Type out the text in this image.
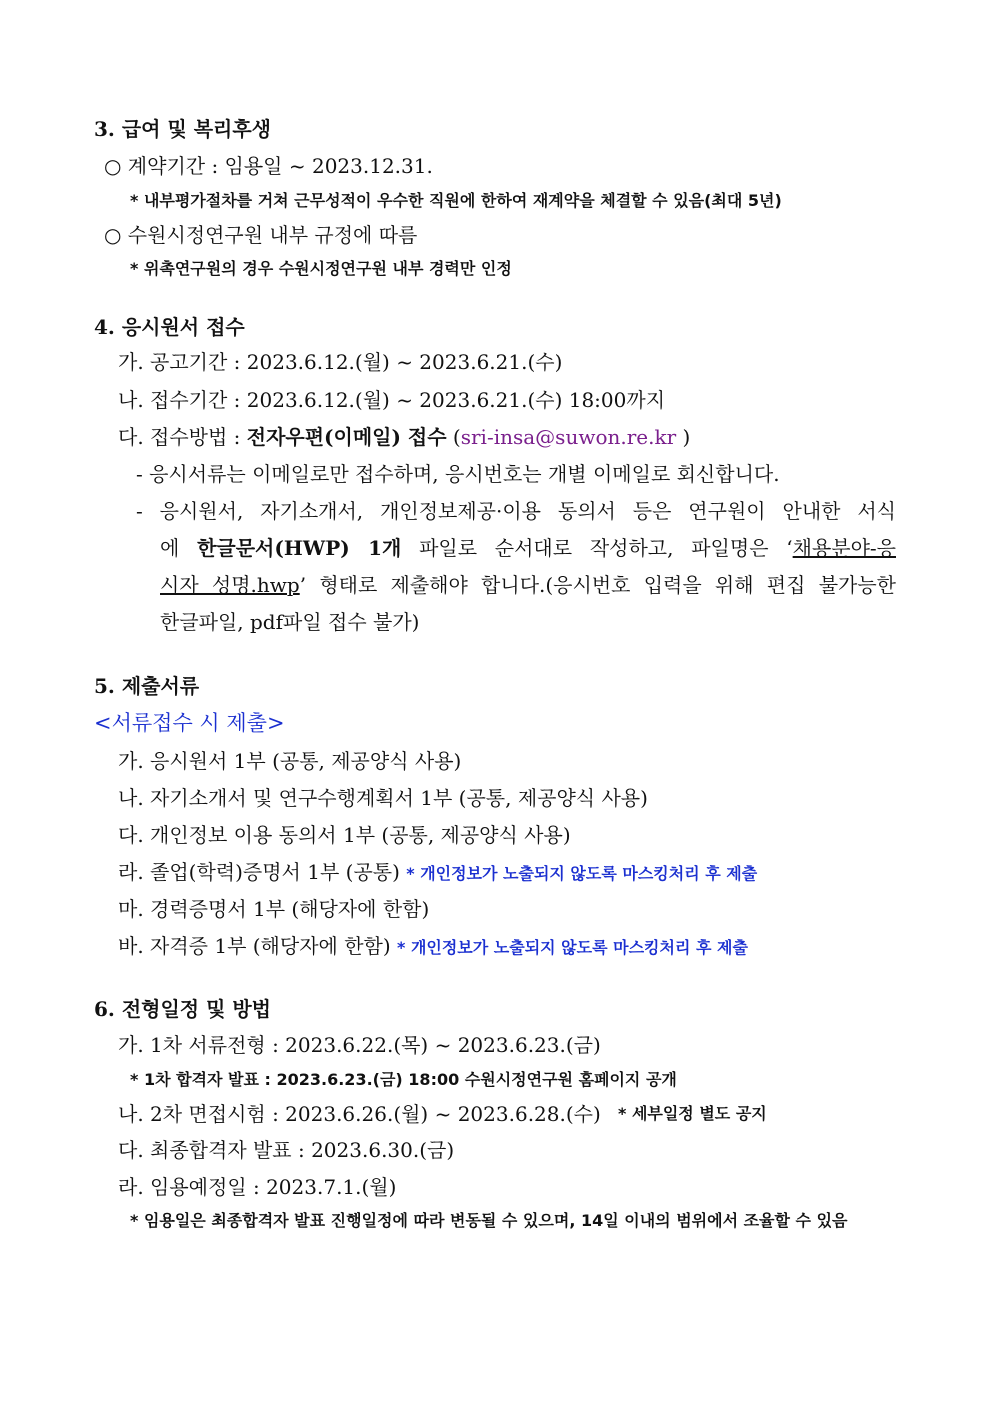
3. 급여 및 복리후생
○ 계약기간 : 임용일 ~ 2023.12.31.
* 내부평가절차를 거쳐 근무성적이 우수한 직원에 한하여 재계약을 체결할 수 있음(최대 5년)
○ 수원시정연구원 내부 규정에 따름
* 위촉연구원의 경우 수원시정연구원 내부 경력만 인정
4. 응시원서 접수
가. 공고기간 : 2023.6.12.(월) ~ 2023.6.21.(수)
나. 접수기간 : 2023.6.12.(월) ~ 2023.6.21.(수) 18:00까지
다. 접수방법 : 전자우편(이메일) 접수 (sri-insa@suwon.re.kr )
- 응시서류는 이메일로만 접수하며, 응시번호는 개별 이메일로 회신합니다.
- 응시원서, 자기소개서, 개인정보제공·이용 동의서 등은 연구원이 안내한 서식
에 한글문서(HWP) 1개 파일로 순서대로 작성하고, 파일명은 ‘채용분야-응
시자 성명.hwp’ 형태로 제출해야 합니다.(응시번호 입력을 위해 편집 불가능한
한글파일, pdf파일 접수 불가)
5. 제출서류
<서류접수 시 제출>
가. 응시원서 1부 (공통, 제공양식 사용)
나. 자기소개서 및 연구수행계획서 1부 (공통, 제공양식 사용)
다. 개인정보 이용 동의서 1부 (공통, 제공양식 사용)
라. 졸업(학력)증명서 1부 (공통) * 개인정보가 노출되지 않도록 마스킹처리 후 제출
마. 경력증명서 1부 (해당자에 한함)
바. 자격증 1부 (해당자에 한함) * 개인정보가 노출되지 않도록 마스킹처리 후 제출
6. 전형일정 및 방법
가. 1차 서류전형 : 2023.6.22.(목) ~ 2023.6.23.(금)
* 1차 합격자 발표 : 2023.6.23.(금) 18:00 수원시정연구원 홈페이지 공개
나. 2차 면접시험 : 2023.6.26.(월) ~ 2023.6.28.(수) * 세부일정 별도 공지
다. 최종합격자 발표 : 2023.6.30.(금)
라. 임용예정일 : 2023.7.1.(월)
* 임용일은 최종합격자 발표 진행일정에 따라 변동될 수 있으며, 14일 이내의 범위에서 조율할 수 있음
